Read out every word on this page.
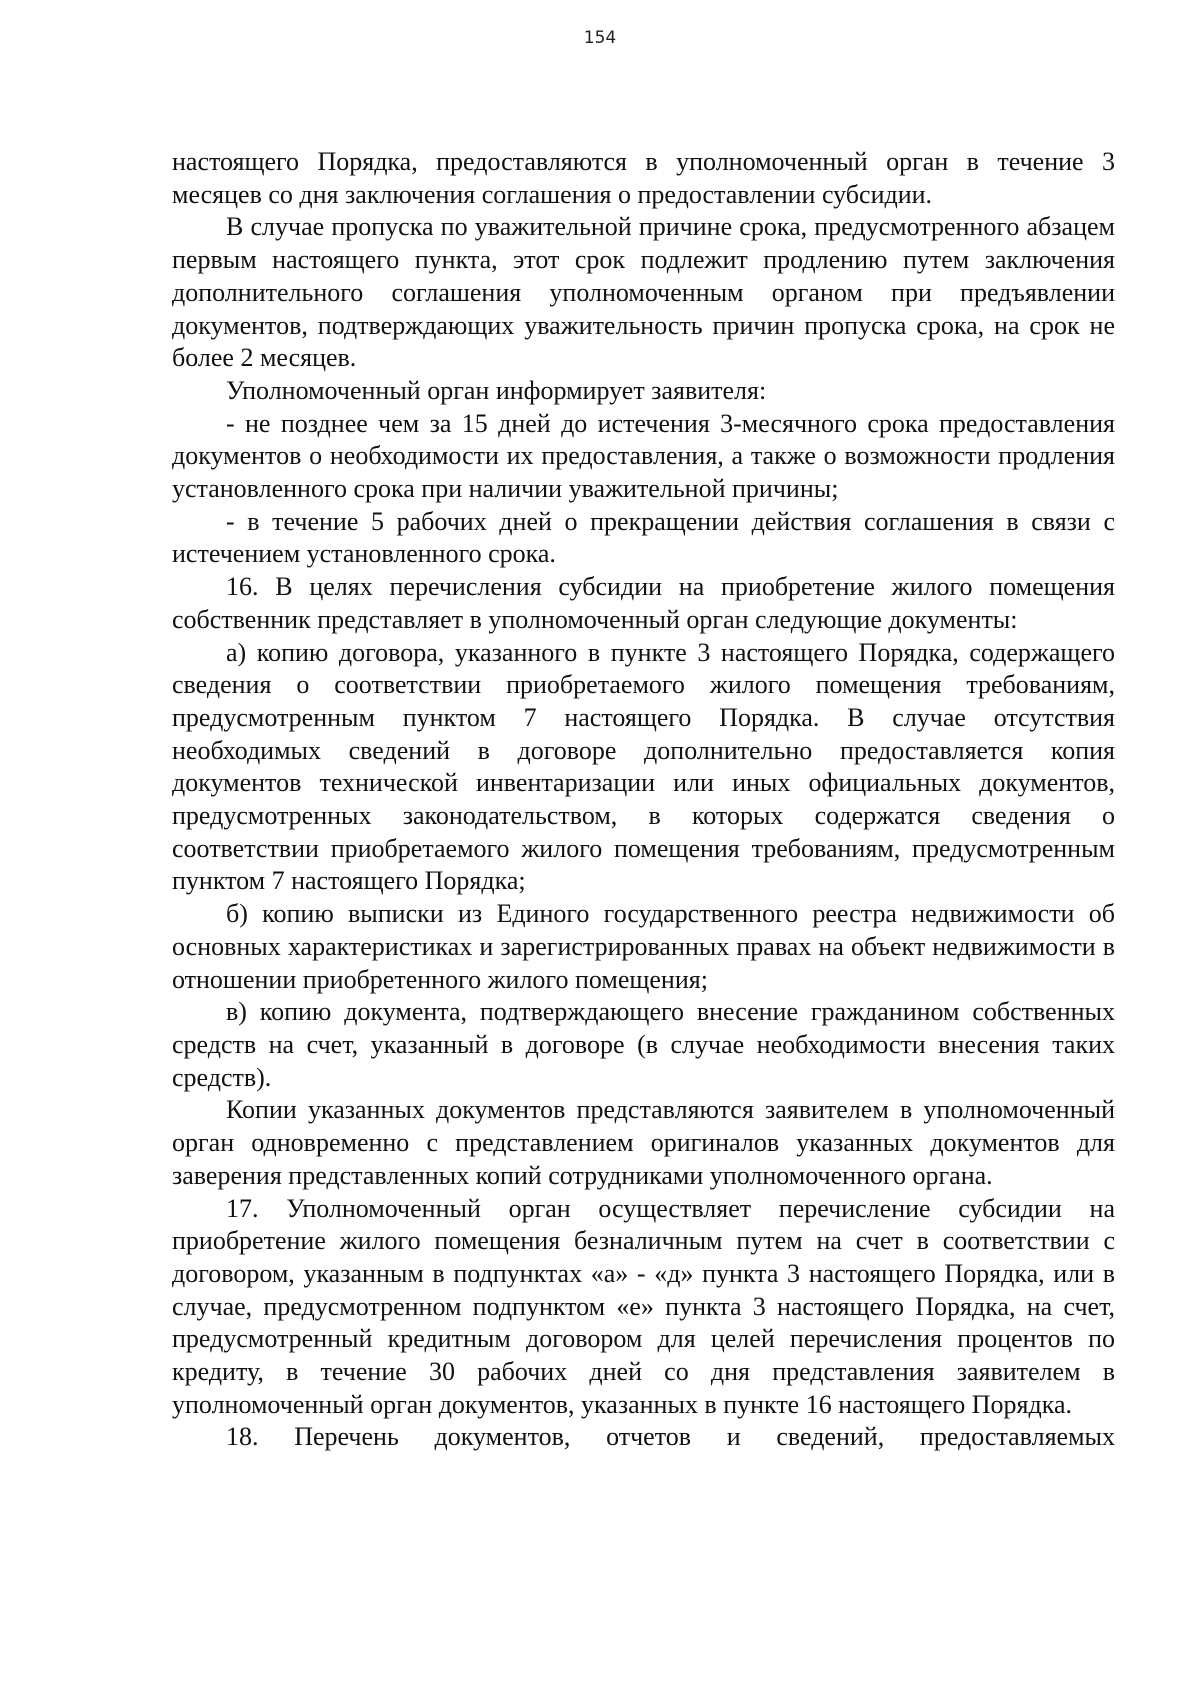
154

настоящего Порядка, предоставляются в уполномоченный орган в течение 3 месяцев со дня заключения соглашения о предоставлении субсидии.

В случае пропуска по уважительной причине срока, предусмотренного абзацем первым настоящего пункта, этот срок подлежит продлению путем заключения дополнительного соглашения уполномоченным органом при предъявлении документов, подтверждающих уважительность причин пропуска срока, на срок не более 2 месяцев.

Уполномоченный орган информирует заявителя:

- не позднее чем за 15 дней до истечения 3-месячного срока предоставления документов о необходимости их предоставления, а также о возможности продления установленного срока при наличии уважительной причины;

- в течение 5 рабочих дней о прекращении действия соглашения в связи с истечением установленного срока.

16. В целях перечисления субсидии на приобретение жилого помещения собственник представляет в уполномоченный орган следующие документы:

а) копию договора, указанного в пункте 3 настоящего Порядка, содержащего сведения о соответствии приобретаемого жилого помещения требованиям, предусмотренным пунктом 7 настоящего Порядка. В случае отсутствия необходимых сведений в договоре дополнительно предоставляется копия документов технической инвентаризации или иных официальных документов, предусмотренных законодательством, в которых содержатся сведения о соответствии приобретаемого жилого помещения требованиям, предусмотренным пунктом 7 настоящего Порядка;

б) копию выписки из Единого государственного реестра недвижимости об основных характеристиках и зарегистрированных правах на объект недвижимости в отношении приобретенного жилого помещения;

в) копию документа, подтверждающего внесение гражданином собственных средств на счет, указанный в договоре (в случае необходимости внесения таких средств).

Копии указанных документов представляются заявителем в уполномоченный орган одновременно с представлением оригиналов указанных документов для заверения представленных копий сотрудниками уполномоченного органа.

17. Уполномоченный орган осуществляет перечисление субсидии на приобретение жилого помещения безналичным путем на счет в соответствии с договором, указанным в подпунктах «а» - «д» пункта 3 настоящего Порядка, или в случае, предусмотренном подпунктом «е» пункта 3 настоящего Порядка, на счет, предусмотренный кредитным договором для целей перечисления процентов по кредиту, в течение 30 рабочих дней со дня представления заявителем в уполномоченный орган документов, указанных в пункте 16 настоящего Порядка.

18. Перечень документов, отчетов и сведений, предоставляемых
